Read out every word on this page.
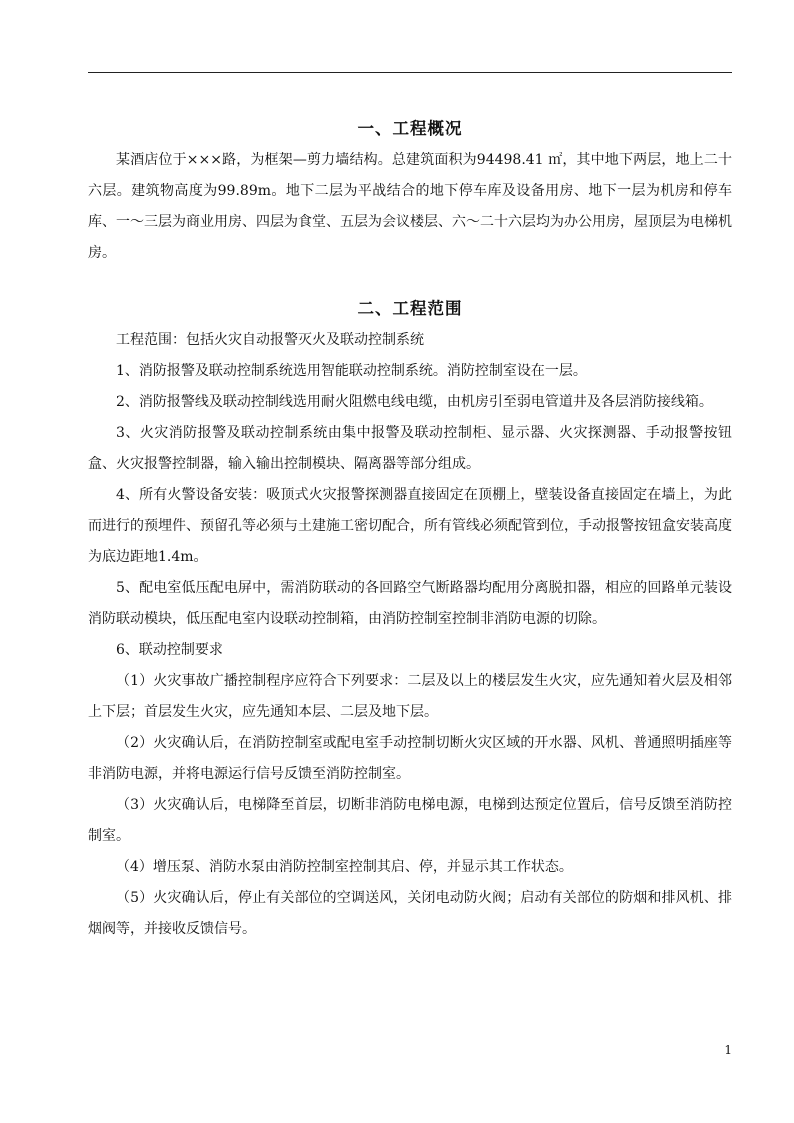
一、工程概况

某酒店位于×××路，为框架—剪力墙结构。总建筑面积为94498.41 ㎡，其中地下两层，地上二十六层。建筑物高度为99.89m。地下二层为平战结合的地下停车库及设备用房、地下一层为机房和停车库、一～三层为商业用房、四层为食堂、五层为会议楼层、六～二十六层均为办公用房，屋顶层为电梯机房。

二、工程范围

工程范围：包括火灾自动报警灭火及联动控制系统

1、消防报警及联动控制系统选用智能联动控制系统。消防控制室设在一层。

2、消防报警线及联动控制线选用耐火阻燃电线电缆，由机房引至弱电管道井及各层消防接线箱。

3、火灾消防报警及联动控制系统由集中报警及联动控制柜、显示器、火灾探测器、手动报警按钮盒、火灾报警控制器，输入输出控制模块、隔离器等部分组成。

4、所有火警设备安装：吸顶式火灾报警探测器直接固定在顶棚上，壁装设备直接固定在墙上，为此而进行的预埋件、预留孔等必须与土建施工密切配合，所有管线必须配管到位，手动报警按钮盒安装高度为底边距地1.4m。

5、配电室低压配电屏中，需消防联动的各回路空气断路器均配用分离脱扣器，相应的回路单元装设消防联动模块，低压配电室内设联动控制箱，由消防控制室控制非消防电源的切除。

6、联动控制要求

（1）火灾事故广播控制程序应符合下列要求：二层及以上的楼层发生火灾，应先通知着火层及相邻上下层；首层发生火灾，应先通知本层、二层及地下层。

（2）火灾确认后，在消防控制室或配电室手动控制切断火灾区域的开水器、风机、普通照明插座等非消防电源，并将电源运行信号反馈至消防控制室。

（3）火灾确认后，电梯降至首层，切断非消防电梯电源，电梯到达预定位置后，信号反馈至消防控制室。

（4）增压泵、消防水泵由消防控制室控制其启、停，并显示其工作状态。

（5）火灾确认后，停止有关部位的空调送风，关闭电动防火阀；启动有关部位的防烟和排风机、排烟阀等，并接收反馈信号。

1
